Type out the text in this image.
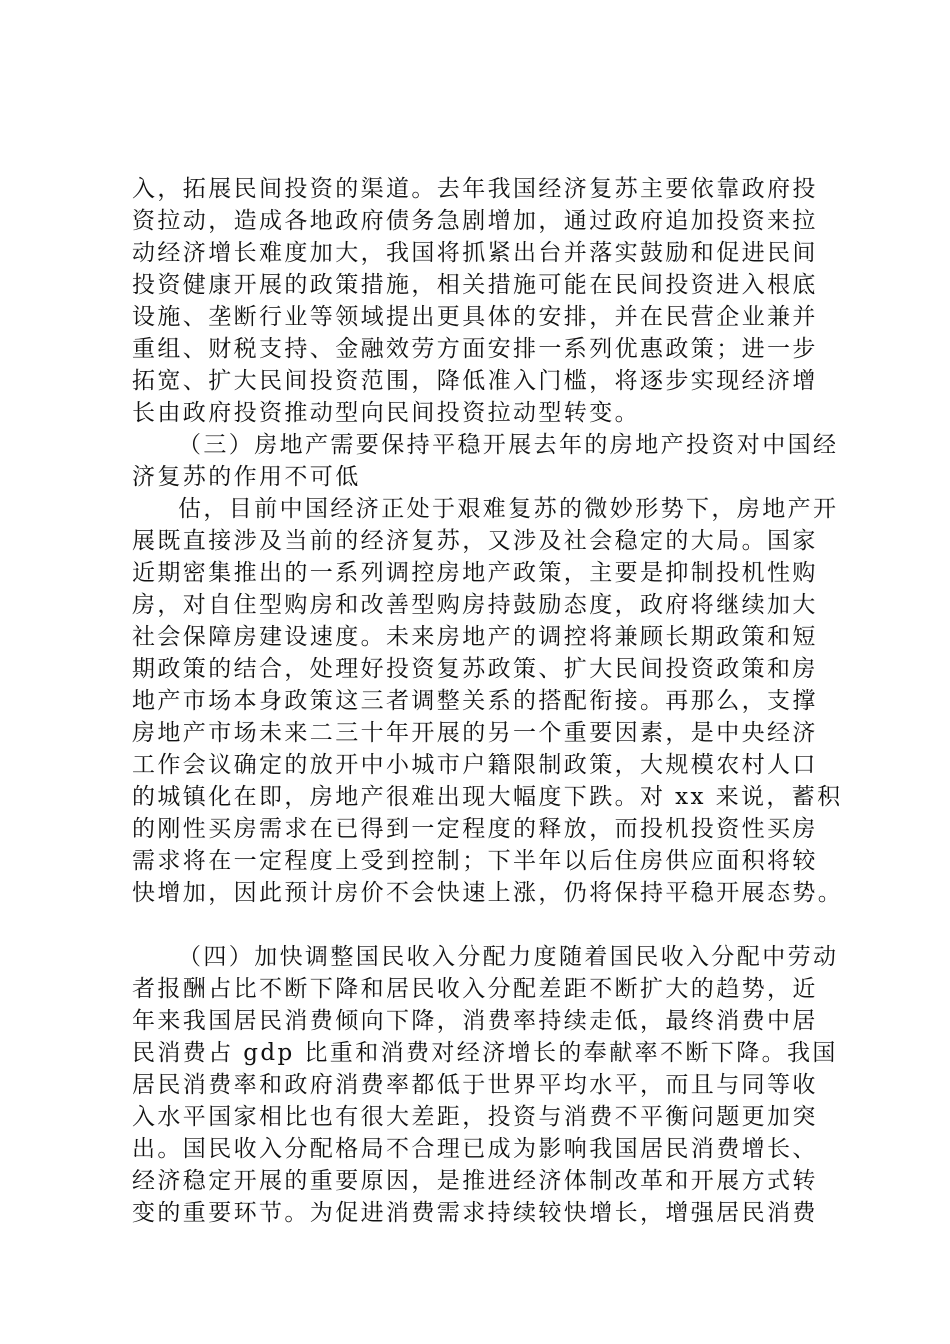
入，拓展民间投资的渠道。去年我国经济复苏主要依靠政府投
资拉动，造成各地政府债务急剧增加，通过政府追加投资来拉
动经济增长难度加大，我国将抓紧出台并落实鼓励和促进民间
投资健康开展的政策措施，相关措施可能在民间投资进入根底
设施、垄断行业等领域提出更具体的安排，并在民营企业兼并
重组、财税支持、金融效劳方面安排一系列优惠政策；进一步
拓宽、扩大民间投资范围，降低准入门槛，将逐步实现经济增
长由政府投资推动型向民间投资拉动型转变。
（三）房地产需要保持平稳开展去年的房地产投资对中国经
济复苏的作用不可低
估，目前中国经济正处于艰难复苏的微妙形势下，房地产开
展既直接涉及当前的经济复苏，又涉及社会稳定的大局。国家
近期密集推出的一系列调控房地产政策，主要是抑制投机性购
房，对自住型购房和改善型购房持鼓励态度，政府将继续加大
社会保障房建设速度。未来房地产的调控将兼顾长期政策和短
期政策的结合，处理好投资复苏政策、扩大民间投资政策和房
地产市场本身政策这三者调整关系的搭配衔接。再那么，支撑
房地产市场未来二三十年开展的另一个重要因素，是中央经济
工作会议确定的放开中小城市户籍限制政策，大规模农村人口
的城镇化在即，房地产很难出现大幅度下跌。对 xx 来说，蓄积
的刚性买房需求在已得到一定程度的释放，而投机投资性买房
需求将在一定程度上受到控制；下半年以后住房供应面积将较
快增加，因此预计房价不会快速上涨，仍将保持平稳开展态势。
（四）加快调整国民收入分配力度随着国民收入分配中劳动
者报酬占比不断下降和居民收入分配差距不断扩大的趋势，近
年来我国居民消费倾向下降，消费率持续走低，最终消费中居
民消费占 gdp 比重和消费对经济增长的奉献率不断下降。我国
居民消费率和政府消费率都低于世界平均水平，而且与同等收
入水平国家相比也有很大差距，投资与消费不平衡问题更加突
出。国民收入分配格局不合理已成为影响我国居民消费增长、
经济稳定开展的重要原因，是推进经济体制改革和开展方式转
变的重要环节。为促进消费需求持续较快增长，增强居民消费
